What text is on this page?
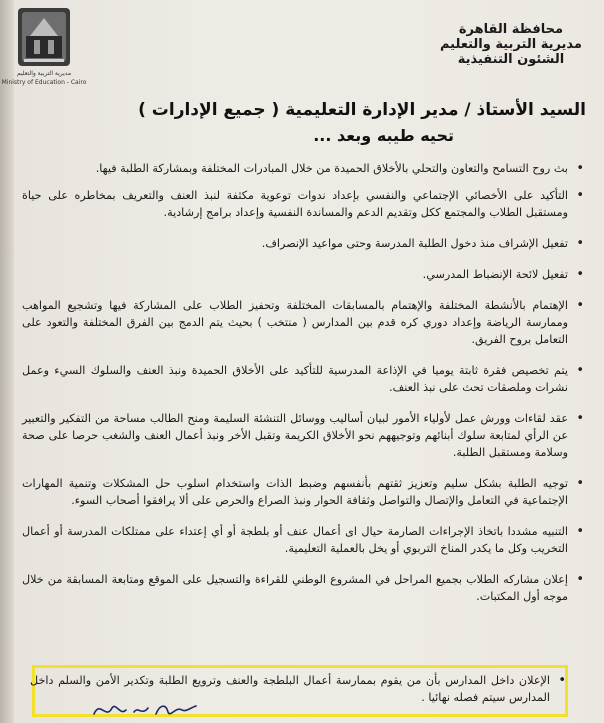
مديرية التربية والتعليم
Ministry of Education - Cairo
محافظة القاهرة
مديرية التربية والتعليم
الشئون التنفيذية
السيد الأستاذ / مدير الإدارة التعليمية ( جميع الإدارات )
تحيه طيبه وبعد ...
• بث روح التسامح والتعاون والتحلي بالأخلاق الحميدة من خلال المبادرات المختلفة وبمشاركة الطلبة فيها.
• التأكيد على الأخصائي الإجتماعي والنفسي بإعداد ندوات توعوية مكثفة لنبذ العنف والتعريف بمخاطره على حياة ومستقبل الطلاب والمجتمع ككل وتقديم الدعم والمساندة النفسية وإعداد برامج إرشادية.
• تفعيل الإشراف منذ دخول الطلبة المدرسة وحتى مواعيد الإنصراف.
• تفعيل لائحة الإنضباط المدرسي.
• الإهتمام بالأنشطة المختلفة والإهتمام بالمسابقات المختلفة وتحفيز الطلاب على المشاركة فيها وتشجيع المواهب وممارسة الرياضة وإعداد دوري كره قدم بين المدارس ( منتخب ) بحيث يتم الدمج بين الفرق المختلفة والتعود على التعامل بروح الفريق.
• يتم تخصيص فقرة ثابتة يوميا في الإذاعة المدرسية للتأكيد على الأخلاق الحميدة ونبذ العنف والسلوك السيء وعمل نشرات وملصقات تحث على نبذ العنف.
• عقد لقاءات وورش عمل لأولياء الأمور لبيان أساليب ووسائل التنشئة السليمة ومنح الطالب مساحة من التفكير والتعبير عن الرأي لمتابعة سلوك أبنائهم وتوجيههم نحو الأخلاق الكريمة وتقبل الأخر ونبذ أعمال العنف والشغب حرصا على صحة وسلامة ومستقبل الطلبة.
• توجيه الطلبة بشكل سليم وتعزيز ثقتهم بأنفسهم وضبط الذات واستخدام اسلوب حل المشكلات وتنمية المهارات الإجتماعية في التعامل والإتصال والتواصل وثقافة الحوار ونبذ الصراع والحرص على ألا يرافقوا أصحاب السوء.
• التنبيه مشددا باتخاذ الإجراءات الصارمة حيال اى أعمال عنف أو بلطجة أو أي إعتداء على ممتلكات المدرسة أو أعمال التخريب وكل ما يكدر المناخ التربوي أو يخل بالعملية التعليمية.
• إعلان مشاركه الطلاب بجميع المراحل في المشروع الوطني للقراءة والتسجيل على الموقع ومتابعة المسابقة من خلال موجه أول المكتبات.
• الإعلان داخل المدارس بأن من يقوم بممارسة أعمال البلطجة والعنف وترويع الطلبة وتكدير الأمن والسلم داخل المدارس سيتم فصله نهائيا .
